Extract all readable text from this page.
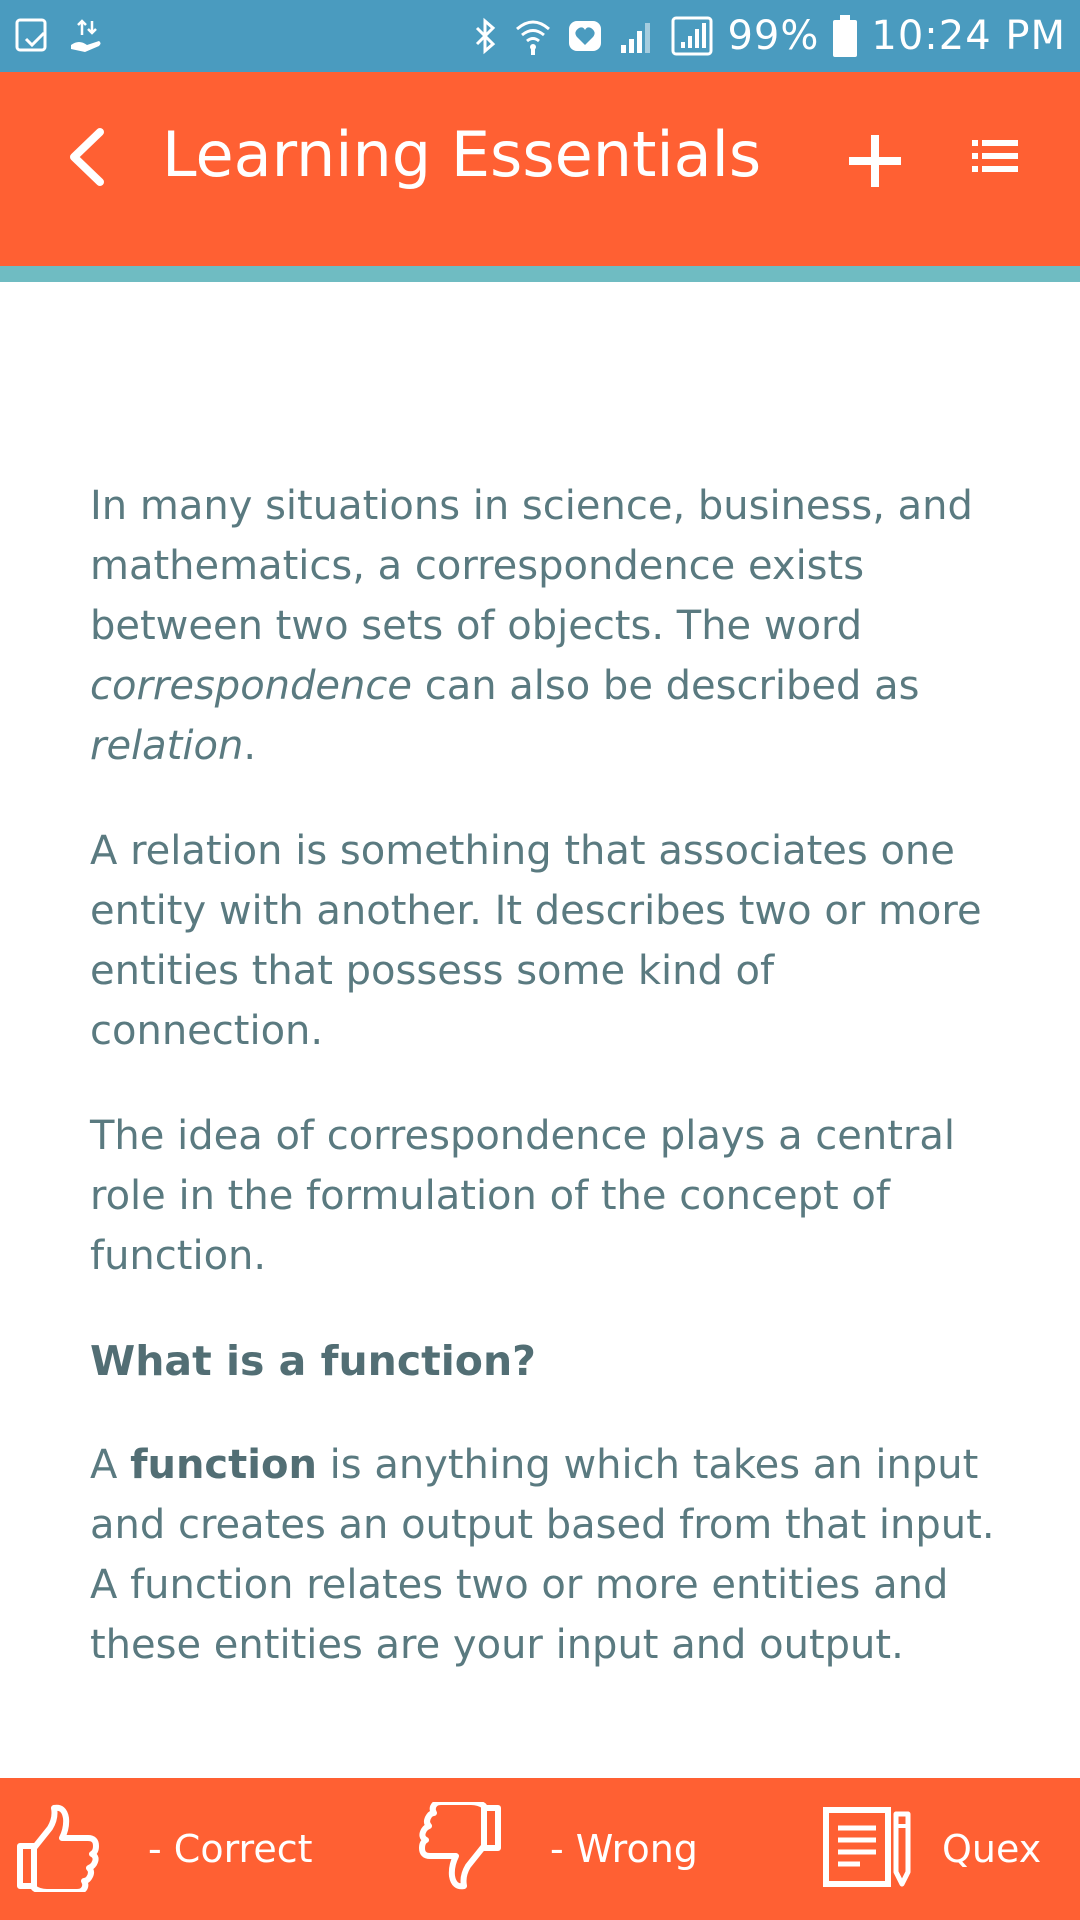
99% 10:24 PM
Learning Essentials

In many situations in science, business, and mathematics, a correspondence exists between two sets of objects. The word correspondence can also be described as relation.

A relation is something that associates one entity with another. It describes two or more entities that possess some kind of connection.

The idea of correspondence plays a central role in the formulation of the concept of function.

What is a function?

A function is anything which takes an input and creates an output based from that input. A function relates two or more entities and these entities are your input and output.

- Correct	- Wrong	Quex
